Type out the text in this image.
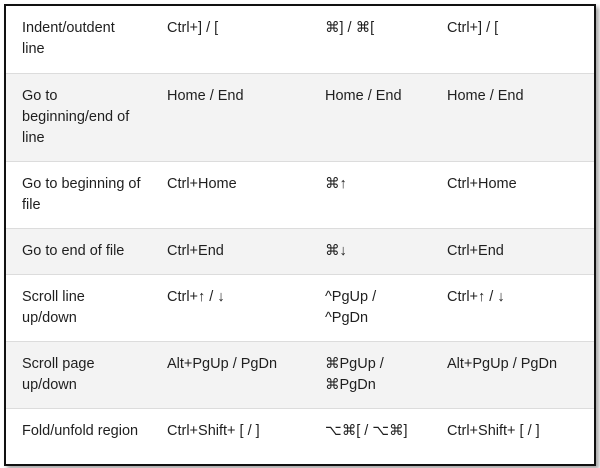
Indent/outdent line	Ctrl+] / [	⌘] / ⌘[	Ctrl+] / [
Go to beginning/end of line	Home / End	Home / End	Home / End
Go to beginning of file	Ctrl+Home	⌘↑	Ctrl+Home
Go to end of file	Ctrl+End	⌘↓	Ctrl+End
Scroll line up/down	Ctrl+↑ / ↓	^PgUp / ^PgDn	Ctrl+↑ / ↓
Scroll page up/down	Alt+PgUp / PgDn	⌘PgUp /⌘PgDn	Alt+PgUp / PgDn
Fold/unfold region	Ctrl+Shift+ [ / ]	⌥⌘[ / ⌥⌘]	Ctrl+Shift+ [ / ]
